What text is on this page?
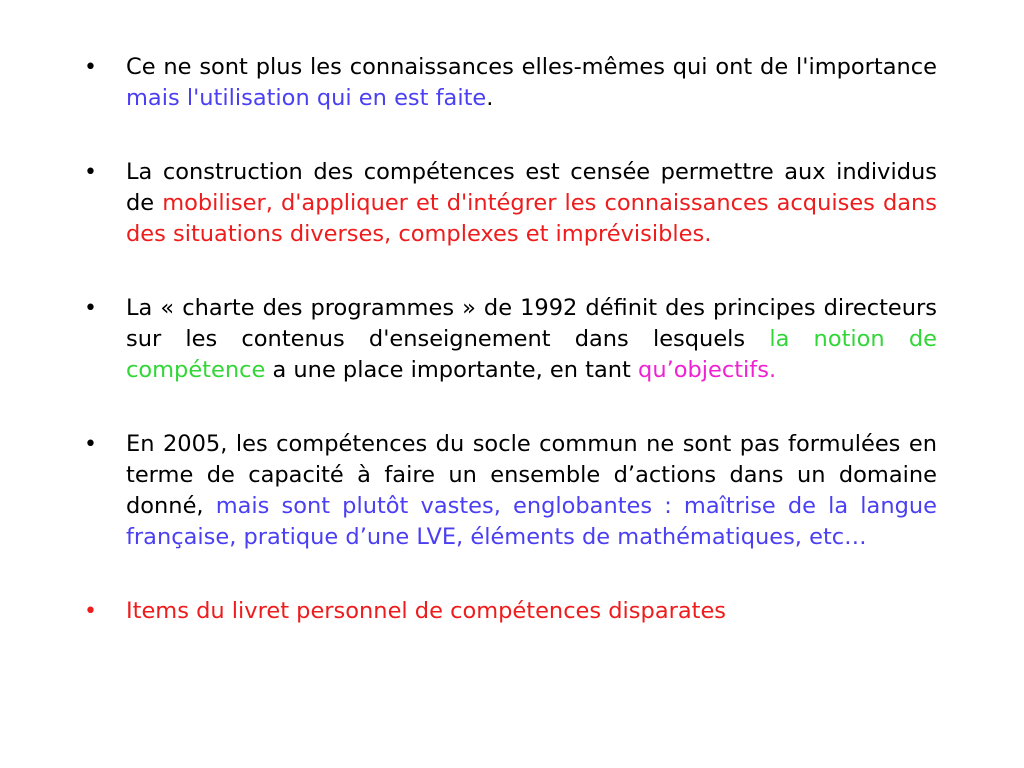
•	Ce ne sont plus les connaissances elles-mêmes qui ont de l'importance mais l'utilisation qui en est faite.
•	La construction des compétences est censée permettre aux individus de mobiliser, d'appliquer et d'intégrer les connaissances acquises dans des situations diverses, complexes et imprévisibles.
•	La « charte des programmes » de 1992 définit des principes directeurs sur les contenus d'enseignement dans lesquels la notion de compétence a une place importante, en tant qu’objectifs.
•	En 2005, les compétences du socle commun ne sont pas formulées en terme de capacité à faire un ensemble d’actions dans un domaine donné, mais sont plutôt vastes, englobantes : maîtrise de la langue française, pratique d’une LVE, éléments de mathématiques, etc…
•	Items du livret personnel de compétences disparates
